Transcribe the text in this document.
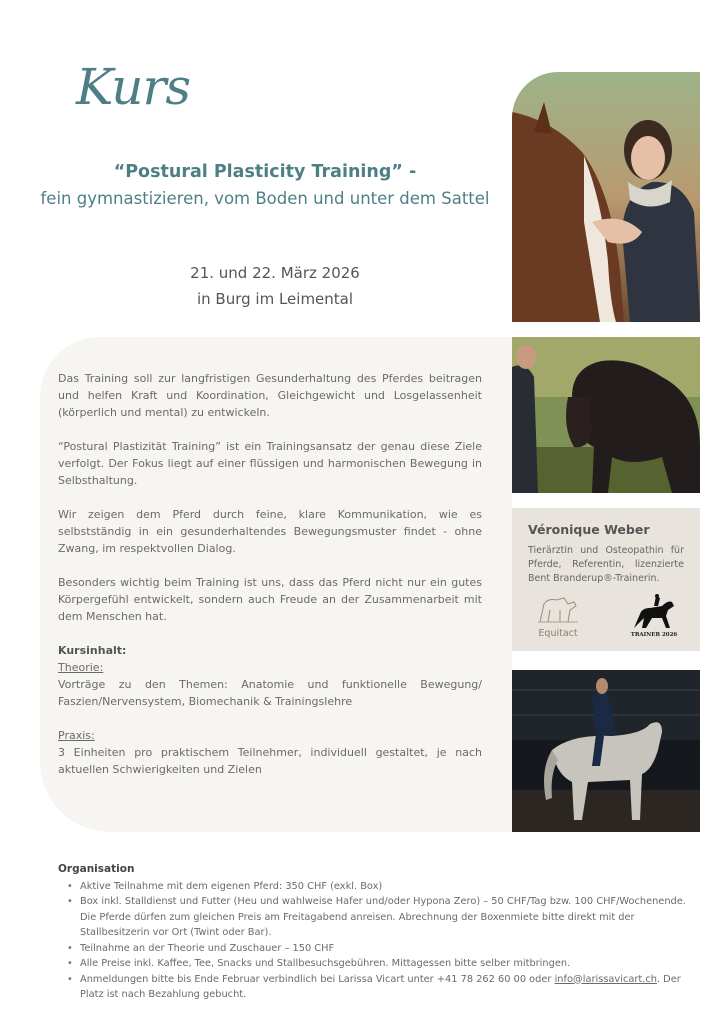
Kurs
“Postural Plasticity Training” -
fein gymnastizieren, vom Boden und unter dem Sattel
21. und 22. März 2026
in Burg im Leimental

Das Training soll zur langfristigen Gesunderhaltung des Pferdes beitragen und helfen Kraft und Koordination, Gleichgewicht und Losgelassenheit (körperlich und mental) zu entwickeln.

“Postural Plastizität Training” ist ein Trainingsansatz der genau diese Ziele verfolgt. Der Fokus liegt auf einer flüssigen und harmonischen Bewegung in Selbsthaltung.

Wir zeigen dem Pferd durch feine, klare Kommunikation, wie es selbstständig in ein gesunderhaltendes Bewegungsmuster findet - ohne Zwang, im respektvollen Dialog.

Besonders wichtig beim Training ist uns, dass das Pferd nicht nur ein gutes Körpergefühl entwickelt, sondern auch Freude an der Zusammenarbeit mit dem Menschen hat.

Kursinhalt:
Theorie:

Vorträge zu den Themen: Anatomie und funktionelle Bewegung/ Faszien/Nervensystem, Biomechanik & Trainingslehre

Praxis:

3 Einheiten pro praktischem Teilnehmer, individuell gestaltet, je nach aktuellen Schwierigkeiten und Zielen

Véronique Weber
Tierärztin und Osteopathin für Pferde, Referentin, lizenzierte Bent Branderup®-Trainerin.
Equitact	TRAINER 2026
Organisation
• Aktive Teilnahme mit dem eigenen Pferd: 350 CHF (exkl. Box)
• Box inkl. Stalldienst und Futter (Heu und wahlweise Hafer und/oder Hypona Zero) – 50 CHF/Tag bzw. 100 CHF/Wochenende. Die Pferde dürfen zum gleichen Preis am Freitagabend anreisen. Abrechnung der Boxenmiete bitte direkt mit der Stallbesitzerin vor Ort (Twint oder Bar).
• Teilnahme an der Theorie und Zuschauer – 150 CHF
• Alle Preise inkl. Kaffee, Tee, Snacks und Stallbesuchsgebühren. Mittagessen bitte selber mitbringen.
• Anmeldungen bitte bis Ende Februar verbindlich bei Larissa Vicart unter +41 78 262 60 00 oder info@larissavicart.ch. Der Platz ist nach Bezahlung gebucht.
